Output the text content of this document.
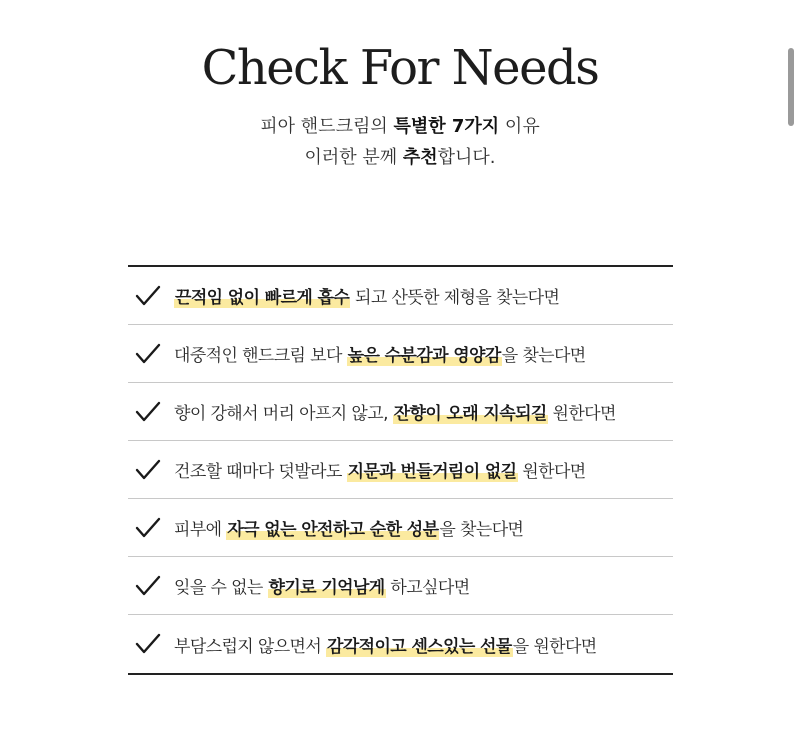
Check For Needs
피아 핸드크림의 특별한 7가지 이유
이러한 분께 추천합니다.
끈적임 없이 빠르게 흡수 되고 산뜻한 제형을 찾는다면
대중적인 핸드크림 보다 높은 수분감과 영양감을 찾는다면
향이 강해서 머리 아프지 않고, 잔향이 오래 지속되길 원한다면
건조할 때마다 덧발라도 지문과 번들거림이 없길 원한다면
피부에 자극 없는 안전하고 순한 성분을 찾는다면
잊을 수 없는 향기로 기억남게 하고싶다면
부담스럽지 않으면서 감각적이고 센스있는 선물을 원한다면
